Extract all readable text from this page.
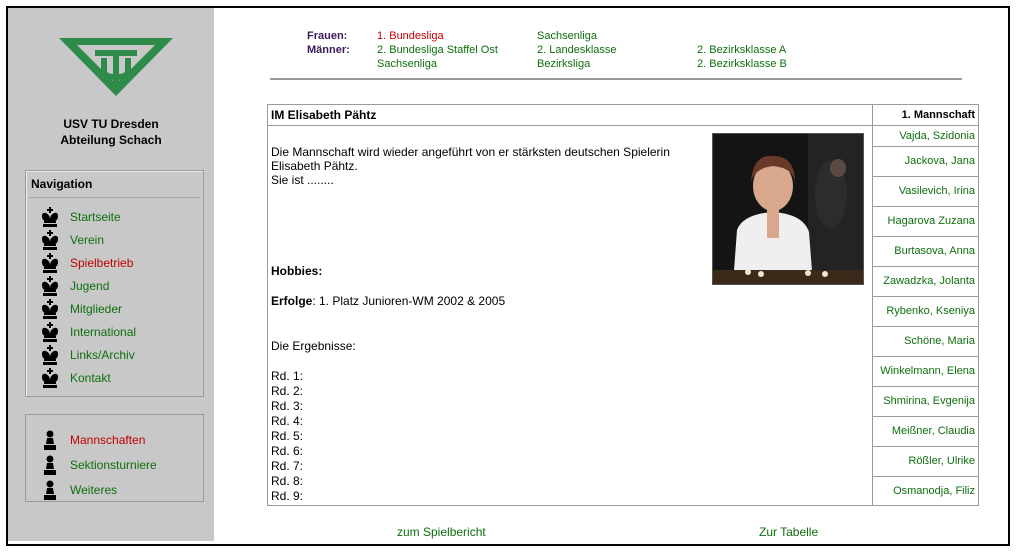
USV TU Dresden
Abteilung Schach
Navigation
Startseite
Verein
Spielbetrieb
Jugend
Mitglieder
International
Links/Archiv
Kontakt
Mannschaften
Sektionsturniere
Weiteres
Frauen:
Männer:
1. Bundesliga
2. Bundesliga Staffel Ost
Sachsenliga
Sachsenliga
2. Landesklasse
Bezirksliga
2. Bezirksklasse A
2. Bezirksklasse B
IM Elisabeth Pähtz
Die Mannschaft wird wieder angeführt von er stärksten deutschen Spielerin
Elisabeth Pähtz.
Sie ist ........
Hobbies:
Erfolge: 1. Platz Junioren-WM 2002 & 2005
Die Ergebnisse:
Rd. 1:
Rd. 2:
Rd. 3:
Rd. 4:
Rd. 5:
Rd. 6:
Rd. 7:
Rd. 8:
Rd. 9:
1. Mannschaft
Vajda, Szidonia
Jackova, Jana
Vasilevich, Irina
Hagarova Zuzana
Burtasova, Anna
Zawadzka, Jolanta
Rybenko, Kseniya
Schöne, Maria
Winkelmann, Elena
Shmirina, Evgenija
Meißner, Claudia
Rößler, Ulrike
Osmanodja, Filiz
zum Spielbericht	Zur Tabelle
